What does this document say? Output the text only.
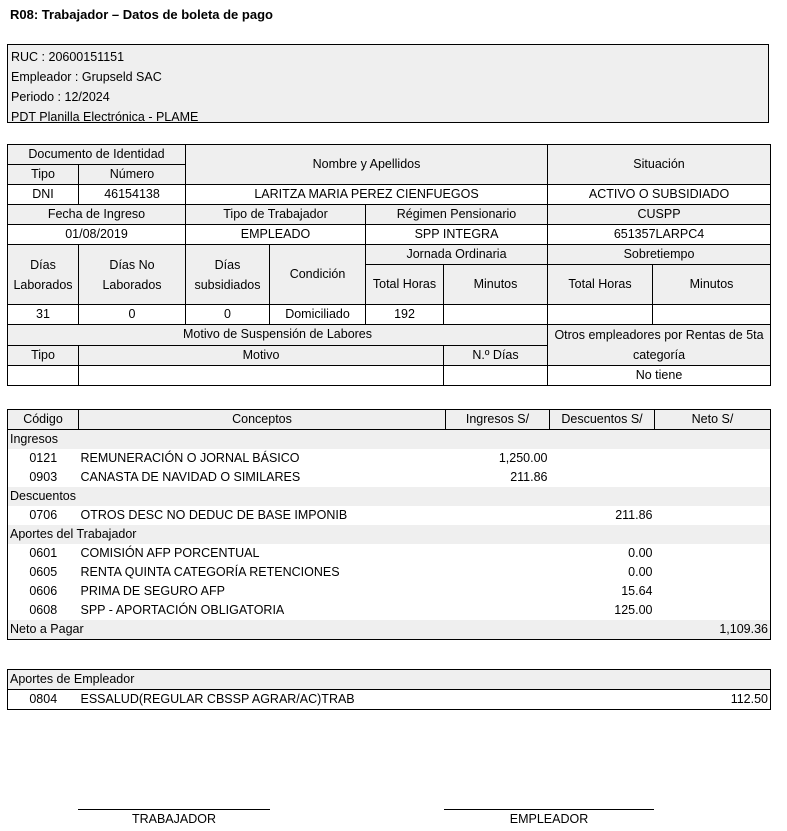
R08: Trabajador – Datos de boleta de pago
RUC : 20600151151
Empleador : Grupseld SAC
Periodo : 12/2024
PDT Planilla Electrónica - PLAME
Documento de Identidad		Nombre y Apellidos				Situación	
Tipo	Número						
DNI	46154138	LARITZA MARIA PEREZ CIENFUEGOS				ACTIVO O SUBSIDIADO	
Fecha de Ingreso		Tipo de Trabajador		Régimen Pensionario		CUSPP	
01/08/2019		EMPLEADO		SPP INTEGRA		651357LARPC4	
Días Laborados	Días No Laborados	Días subsidiados	Condición	Jornada Ordinaria		Sobretiempo	
				Total Horas	Minutos	Total Horas	Minutos
31	0	0	Domiciliado	192			
Motivo de Suspensión de Labores						Otros empleadores por Rentas de 5ta categoría	
Tipo	Motivo				N.º Días		
						No tiene	
Código	Conceptos	Ingresos S/	Descuentos S/	Neto S/
Ingresos				
0121	REMUNERACIÓN O JORNAL BÁSICO	1,250.00		
0903	CANASTA DE NAVIDAD O SIMILARES	211.86		
Descuentos				
0706	OTROS DESC NO DEDUC DE BASE IMPONIB		211.86	
Aportes del Trabajador				
0601	COMISIÓN AFP PORCENTUAL		0.00	
0605	RENTA QUINTA CATEGORÍA RETENCIONES		0.00	
0606	PRIMA DE SEGURO AFP		15.64	
0608	SPP - APORTACIÓN OBLIGATORIA		125.00	
Neto a Pagar				1,109.36
Aportes de Empleador
0804	ESSALUD(REGULAR CBSSP AGRAR/AC)TRAB			112.50
TRABAJADOR	EMPLEADOR
